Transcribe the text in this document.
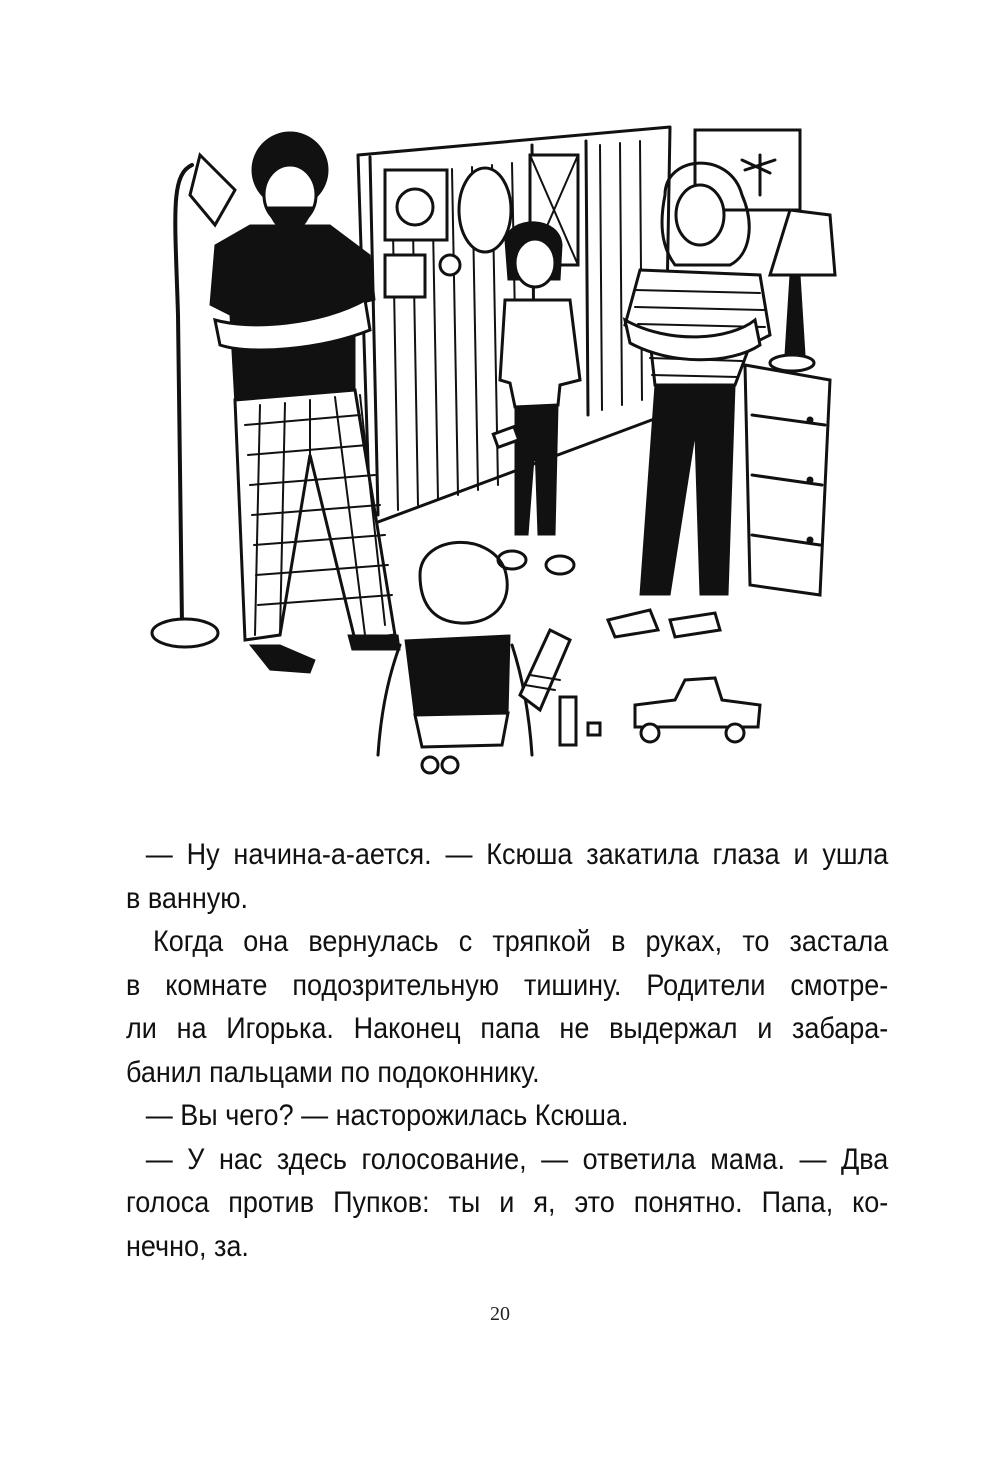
— Ну начина-а-ается. — Ксюша закатила глаза и ушла
в ванную.
Когда она вернулась с тряпкой в руках, то застала
в комнате подозрительную тишину. Родители смотре-
ли на Игорька. Наконец папа не выдержал и забара-
банил пальцами по подоконнику.
— Вы чего? — насторожилась Ксюша.
— У нас здесь голосование, — ответила мама. — Два
голоса против Пупков: ты и я, это понятно. Папа, ко-
нечно, за.
20
